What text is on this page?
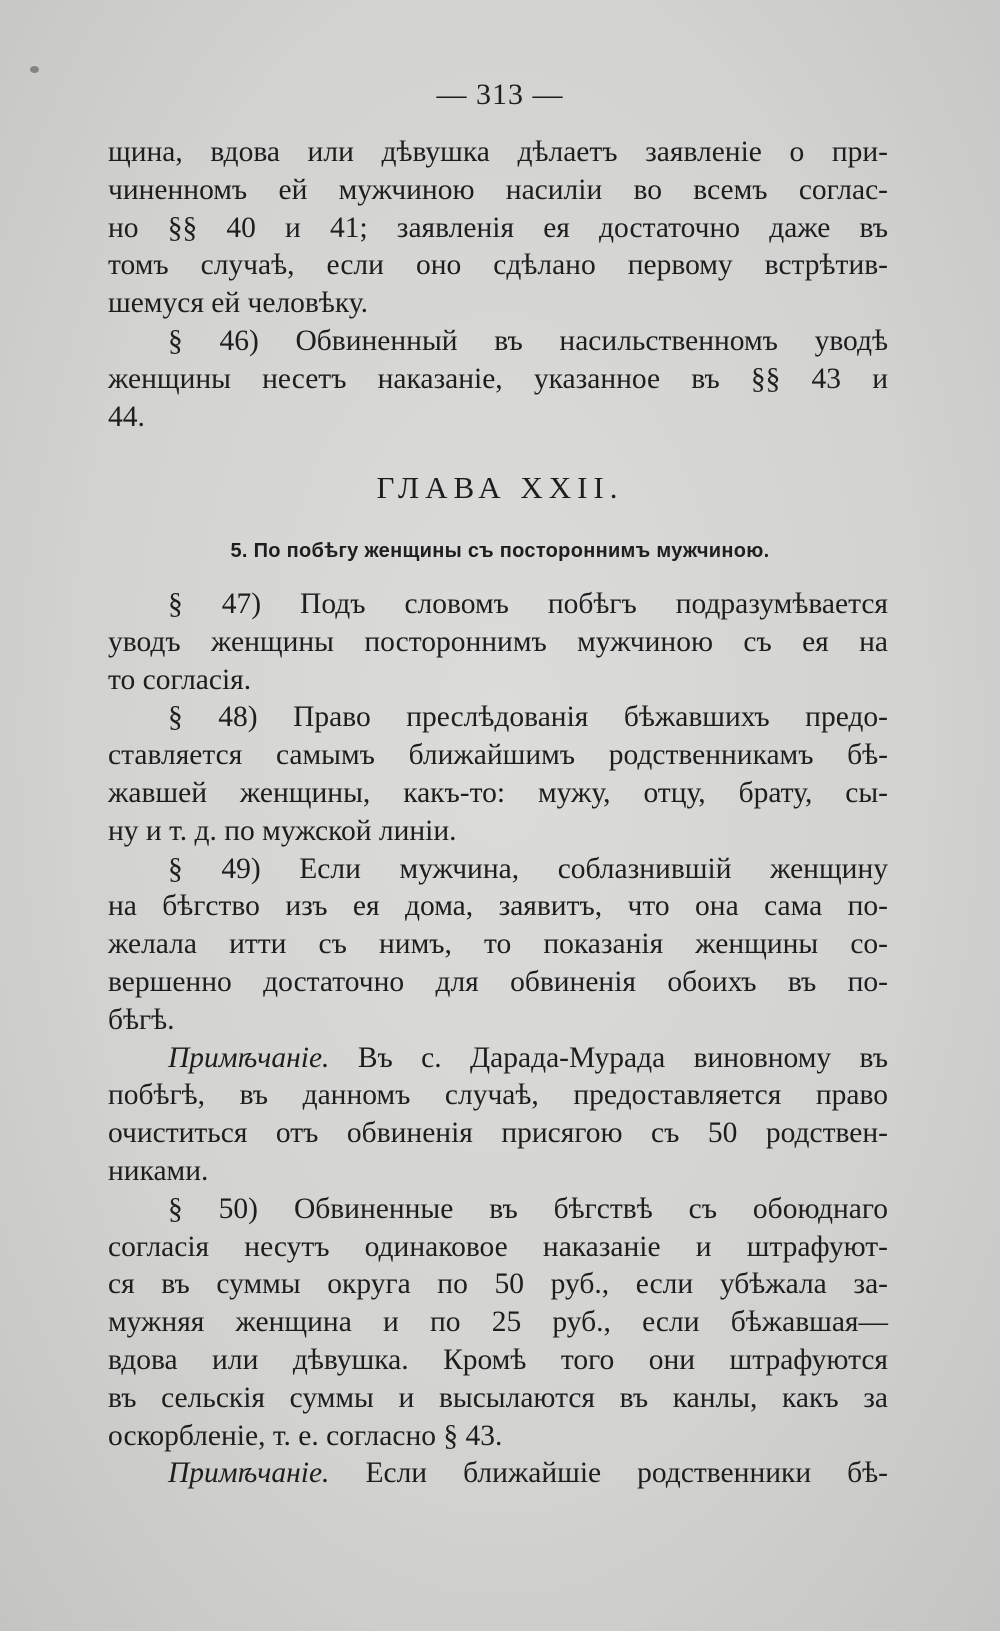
— 313 —

щина, вдова или дѣвушка дѣлаетъ заявленіе о при-
чиненномъ ей мужчиною насиліи во всемъ соглас-
но §§ 40 и 41; заявленія ея достаточно даже въ
томъ случаѣ, если оно сдѣлано первому встрѣтив-
шемуся ей человѣку.

§ 46) Обвиненный въ насильственномъ уводѣ
женщины несетъ наказаніе, указанное въ §§ 43 и
44.

ГЛАВА XXII.
5. По побѣгу женщины съ постороннимъ мужчиною.

§ 47) Подъ словомъ побѣгъ подразумѣвается
уводъ женщины постороннимъ мужчиною съ ея на
то согласія.

§ 48) Право преслѣдованія бѣжавшихъ предо-
ставляется самымъ ближайшимъ родственникамъ бѣ-
жавшей женщины, какъ-то: мужу, отцу, брату, сы-
ну и т. д. по мужской линіи.

§ 49) Если мужчина, соблазнившій женщину
на бѣгство изъ ея дома, заявитъ, что она сама по-
желала итти съ нимъ, то показанія женщины со-
вершенно достаточно для обвиненія обоихъ въ по-
бѣгѣ.

Примѣчаніе. Въ с. Дарада-Мурада виновному въ
побѣгѣ, въ данномъ случаѣ, предоставляется право
очиститься отъ обвиненія присягою съ 50 родствен-
никами.

§ 50) Обвиненные въ бѣгствѣ съ обоюднаго
согласія несутъ одинаковое наказаніе и штрафуют-
ся въ суммы округа по 50 руб., если убѣжала за-
мужняя женщина и по 25 руб., если бѣжавшая—
вдова или дѣвушка. Кромѣ того они штрафуются
въ сельскія суммы и высылаются въ канлы, какъ за
оскорбленіе, т. е. согласно § 43.

Примѣчаніе. Если ближайшіе родственники бѣ-
